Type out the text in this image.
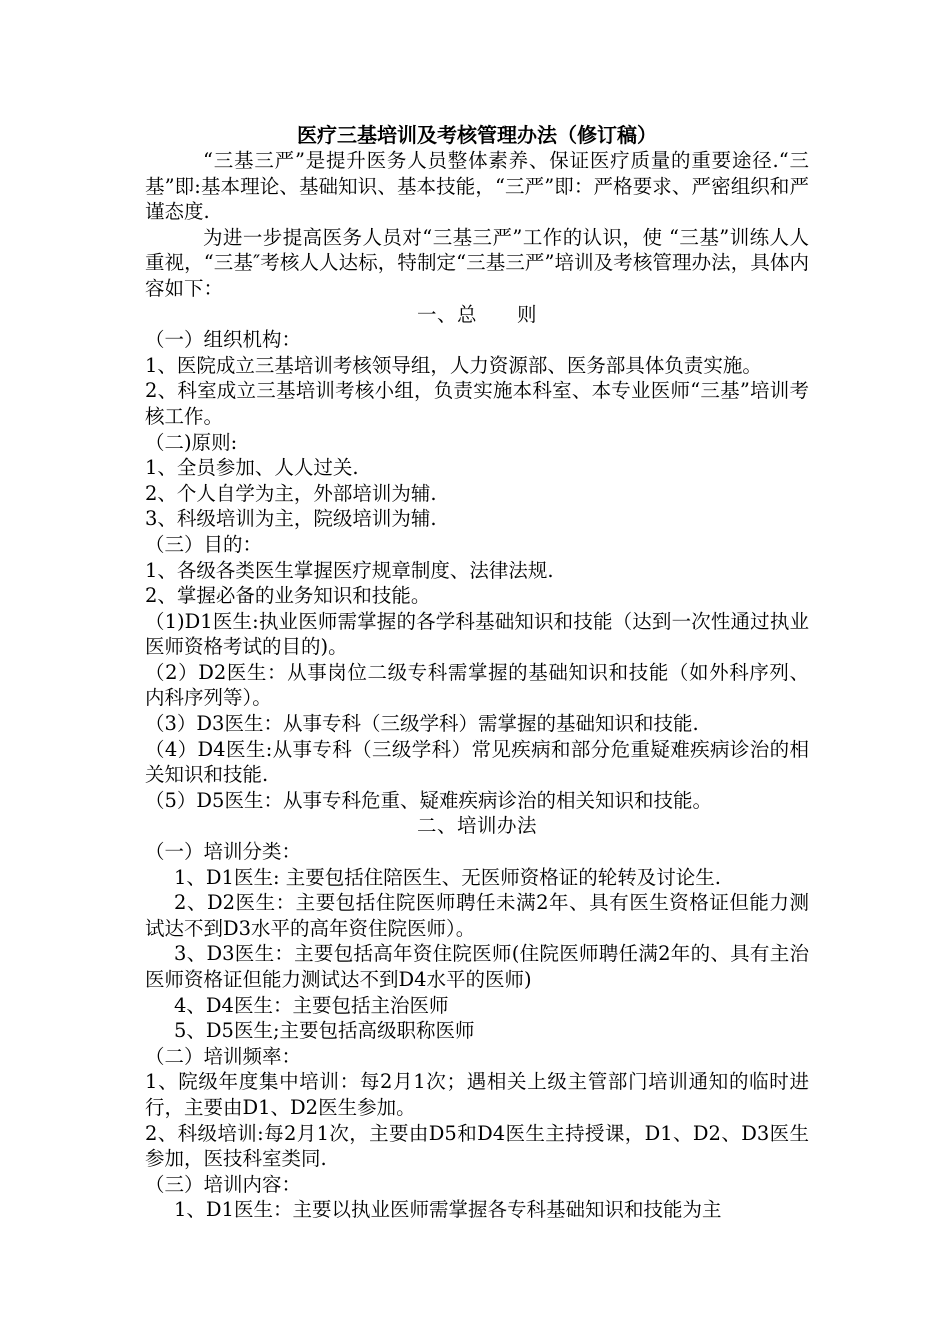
医疗三基培训及考核管理办法（修订稿）

“三基三严”是提升医务人员整体素养、保证医疗质量的重要途径.“三基”即:基本理论、基础知识、基本技能，“三严”即：严格要求、严密组织和严谨态度.

为进一步提高医务人员对“三基三严”工作的认识，使 “三基”训练人人重视，“三基″考核人人达标，特制定“三基三严”培训及考核管理办法，具体内容如下：

一、总　　则

（一）组织机构：

1、医院成立三基培训考核领导组，人力资源部、医务部具体负责实施。

2、科室成立三基培训考核小组，负责实施本科室、本专业医师“三基”培训考核工作。

（二)原则:

1、全员参加、人人过关.

2、个人自学为主，外部培训为辅.

3、科级培训为主，院级培训为辅.

（三）目的：

1、各级各类医生掌握医疗规章制度、法律法规.

2、掌握必备的业务知识和技能。

（1)D1医生:执业医师需掌握的各学科基础知识和技能（达到一次性通过执业医师资格考试的目的)。

（2）D2医生：从事岗位二级专科需掌握的基础知识和技能（如外科序列、内科序列等）。

（3）D3医生：从事专科（三级学科）需掌握的基础知识和技能.

（4）D4医生:从事专科（三级学科）常见疾病和部分危重疑难疾病诊治的相关知识和技能.

（5）D5医生：从事专科危重、疑难疾病诊治的相关知识和技能。

二、培训办法

（一）培训分类：

1、D1医生: 主要包括住陪医生、无医师资格证的轮转及讨论生.

2、D2医生：主要包括住院医师聘任未满2年、具有医生资格证但能力测试达不到D3水平的高年资住院医师）。

3、D3医生：主要包括高年资住院医师(住院医师聘任满2年的、具有主治医师资格证但能力测试达不到D4水平的医师)

4、D4医生：主要包括主治医师

5、D5医生;主要包括高级职称医师

（二）培训频率：

1、院级年度集中培训：每2月1次；遇相关上级主管部门培训通知的临时进行，主要由D1、D2医生参加。

2、科级培训:每2月1次，主要由D5和D4医生主持授课，D1、D2、D3医生参加，医技科室类同.

（三）培训内容：

1、D1医生：主要以执业医师需掌握各专科基础知识和技能为主
